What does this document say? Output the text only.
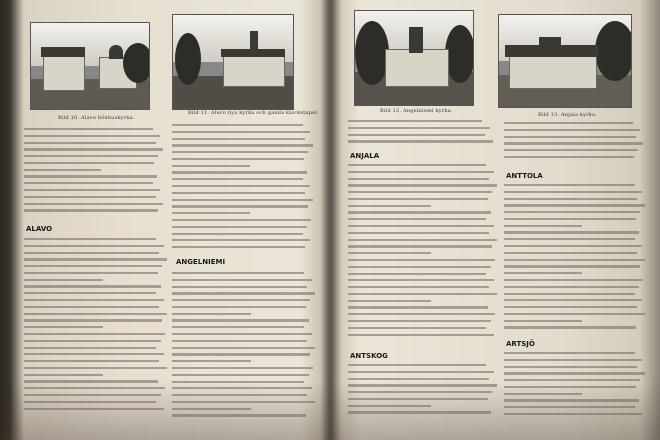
Bild 10. Alavo bönhuskyrka.
Bild 11. Alavo nya kyrka och gamla klockstapel.	Bild 12. Angelniemi kyrka.
Bild 13. Anjala kyrka.
ALAVO
ANGELNIEMI
ANJALA
ANTSKOG
ANTTOLA
ARTSJÖ
